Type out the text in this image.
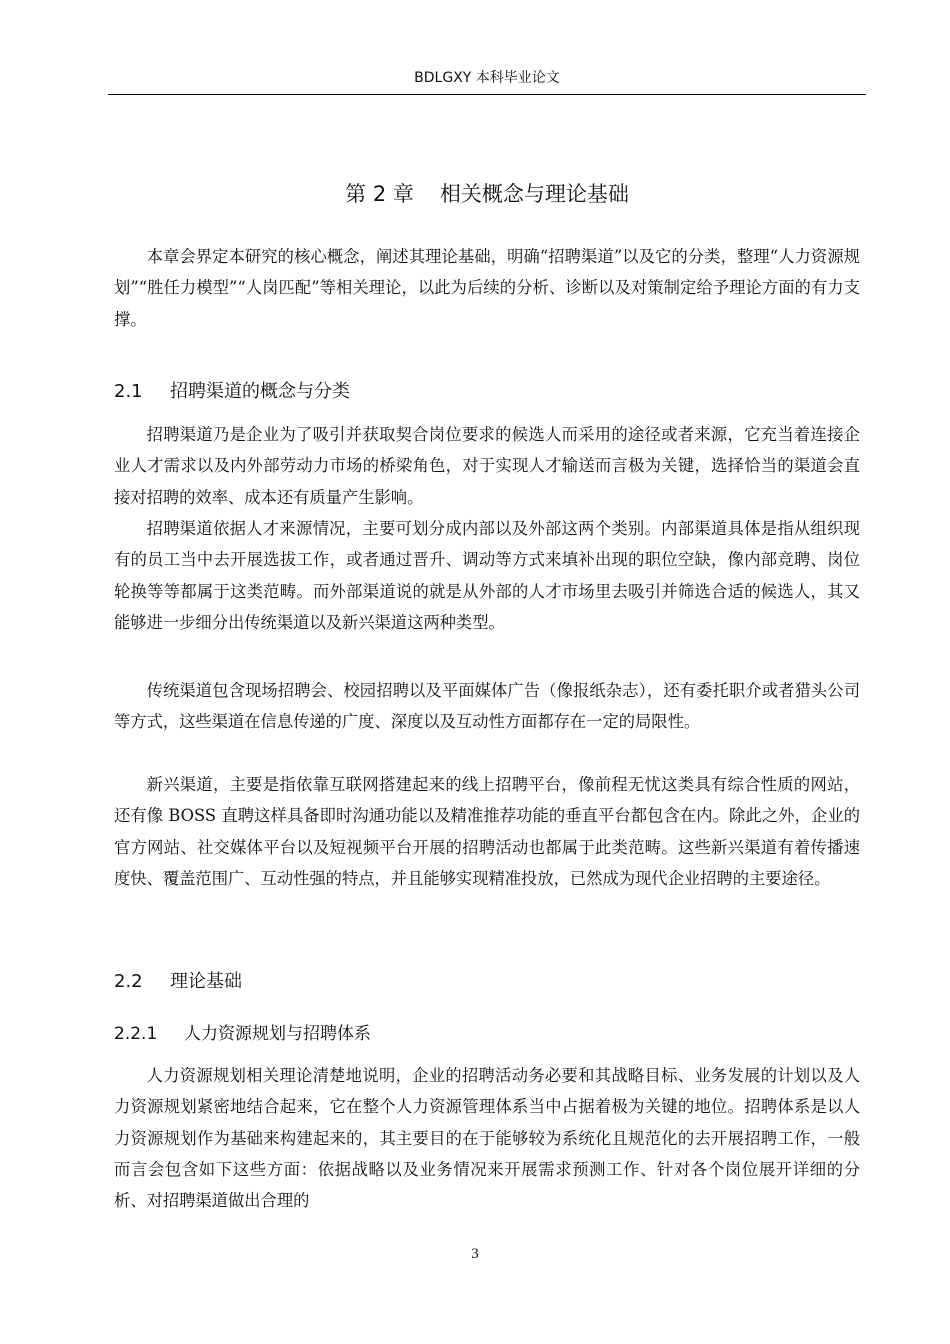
BDLGXY 本科毕业论文
第 2 章 相关概念与理论基础

本章会界定本研究的核心概念，阐述其理论基础，明确“招聘渠道”以及它的分类，整理“人力资源规划”“胜任力模型”“人岗匹配”等相关理论，以此为后续的分析、诊断以及对策制定给予理论方面的有力支撑。

2.1 招聘渠道的概念与分类

招聘渠道乃是企业为了吸引并获取契合岗位要求的候选人而采用的途径或者来源，它充当着连接企业人才需求以及内外部劳动力市场的桥梁角色，对于实现人才输送而言极为关键，选择恰当的渠道会直接对招聘的效率、成本还有质量产生影响。

招聘渠道依据人才来源情况，主要可划分成内部以及外部这两个类别。内部渠道具体是指从组织现有的员工当中去开展选拔工作，或者通过晋升、调动等方式来填补出现的职位空缺，像内部竞聘、岗位轮换等等都属于这类范畴。而外部渠道说的就是从外部的人才市场里去吸引并筛选合适的候选人，其又能够进一步细分出传统渠道以及新兴渠道这两种类型。

传统渠道包含现场招聘会、校园招聘以及平面媒体广告（像报纸杂志），还有委托职介或者猎头公司等方式，这些渠道在信息传递的广度、深度以及互动性方面都存在一定的局限性。

新兴渠道，主要是指依靠互联网搭建起来的线上招聘平台，像前程无忧这类具有综合性质的网站，还有像 BOSS 直聘这样具备即时沟通功能以及精准推荐功能的垂直平台都包含在内。除此之外，企业的官方网站、社交媒体平台以及短视频平台开展的招聘活动也都属于此类范畴。这些新兴渠道有着传播速度快、覆盖范围广、互动性强的特点，并且能够实现精准投放，已然成为现代企业招聘的主要途径。

2.2 理论基础
2.2.1 人力资源规划与招聘体系

人力资源规划相关理论清楚地说明，企业的招聘活动务必要和其战略目标、业务发展的计划以及人力资源规划紧密地结合起来，它在整个人力资源管理体系当中占据着极为关键的地位。招聘体系是以人力资源规划作为基础来构建起来的，其主要目的在于能够较为系统化且规范化的去开展招聘工作，一般而言会包含如下这些方面：依据战略以及业务情况来开展需求预测工作、针对各个岗位展开详细的分析、对招聘渠道做出合理的

3
